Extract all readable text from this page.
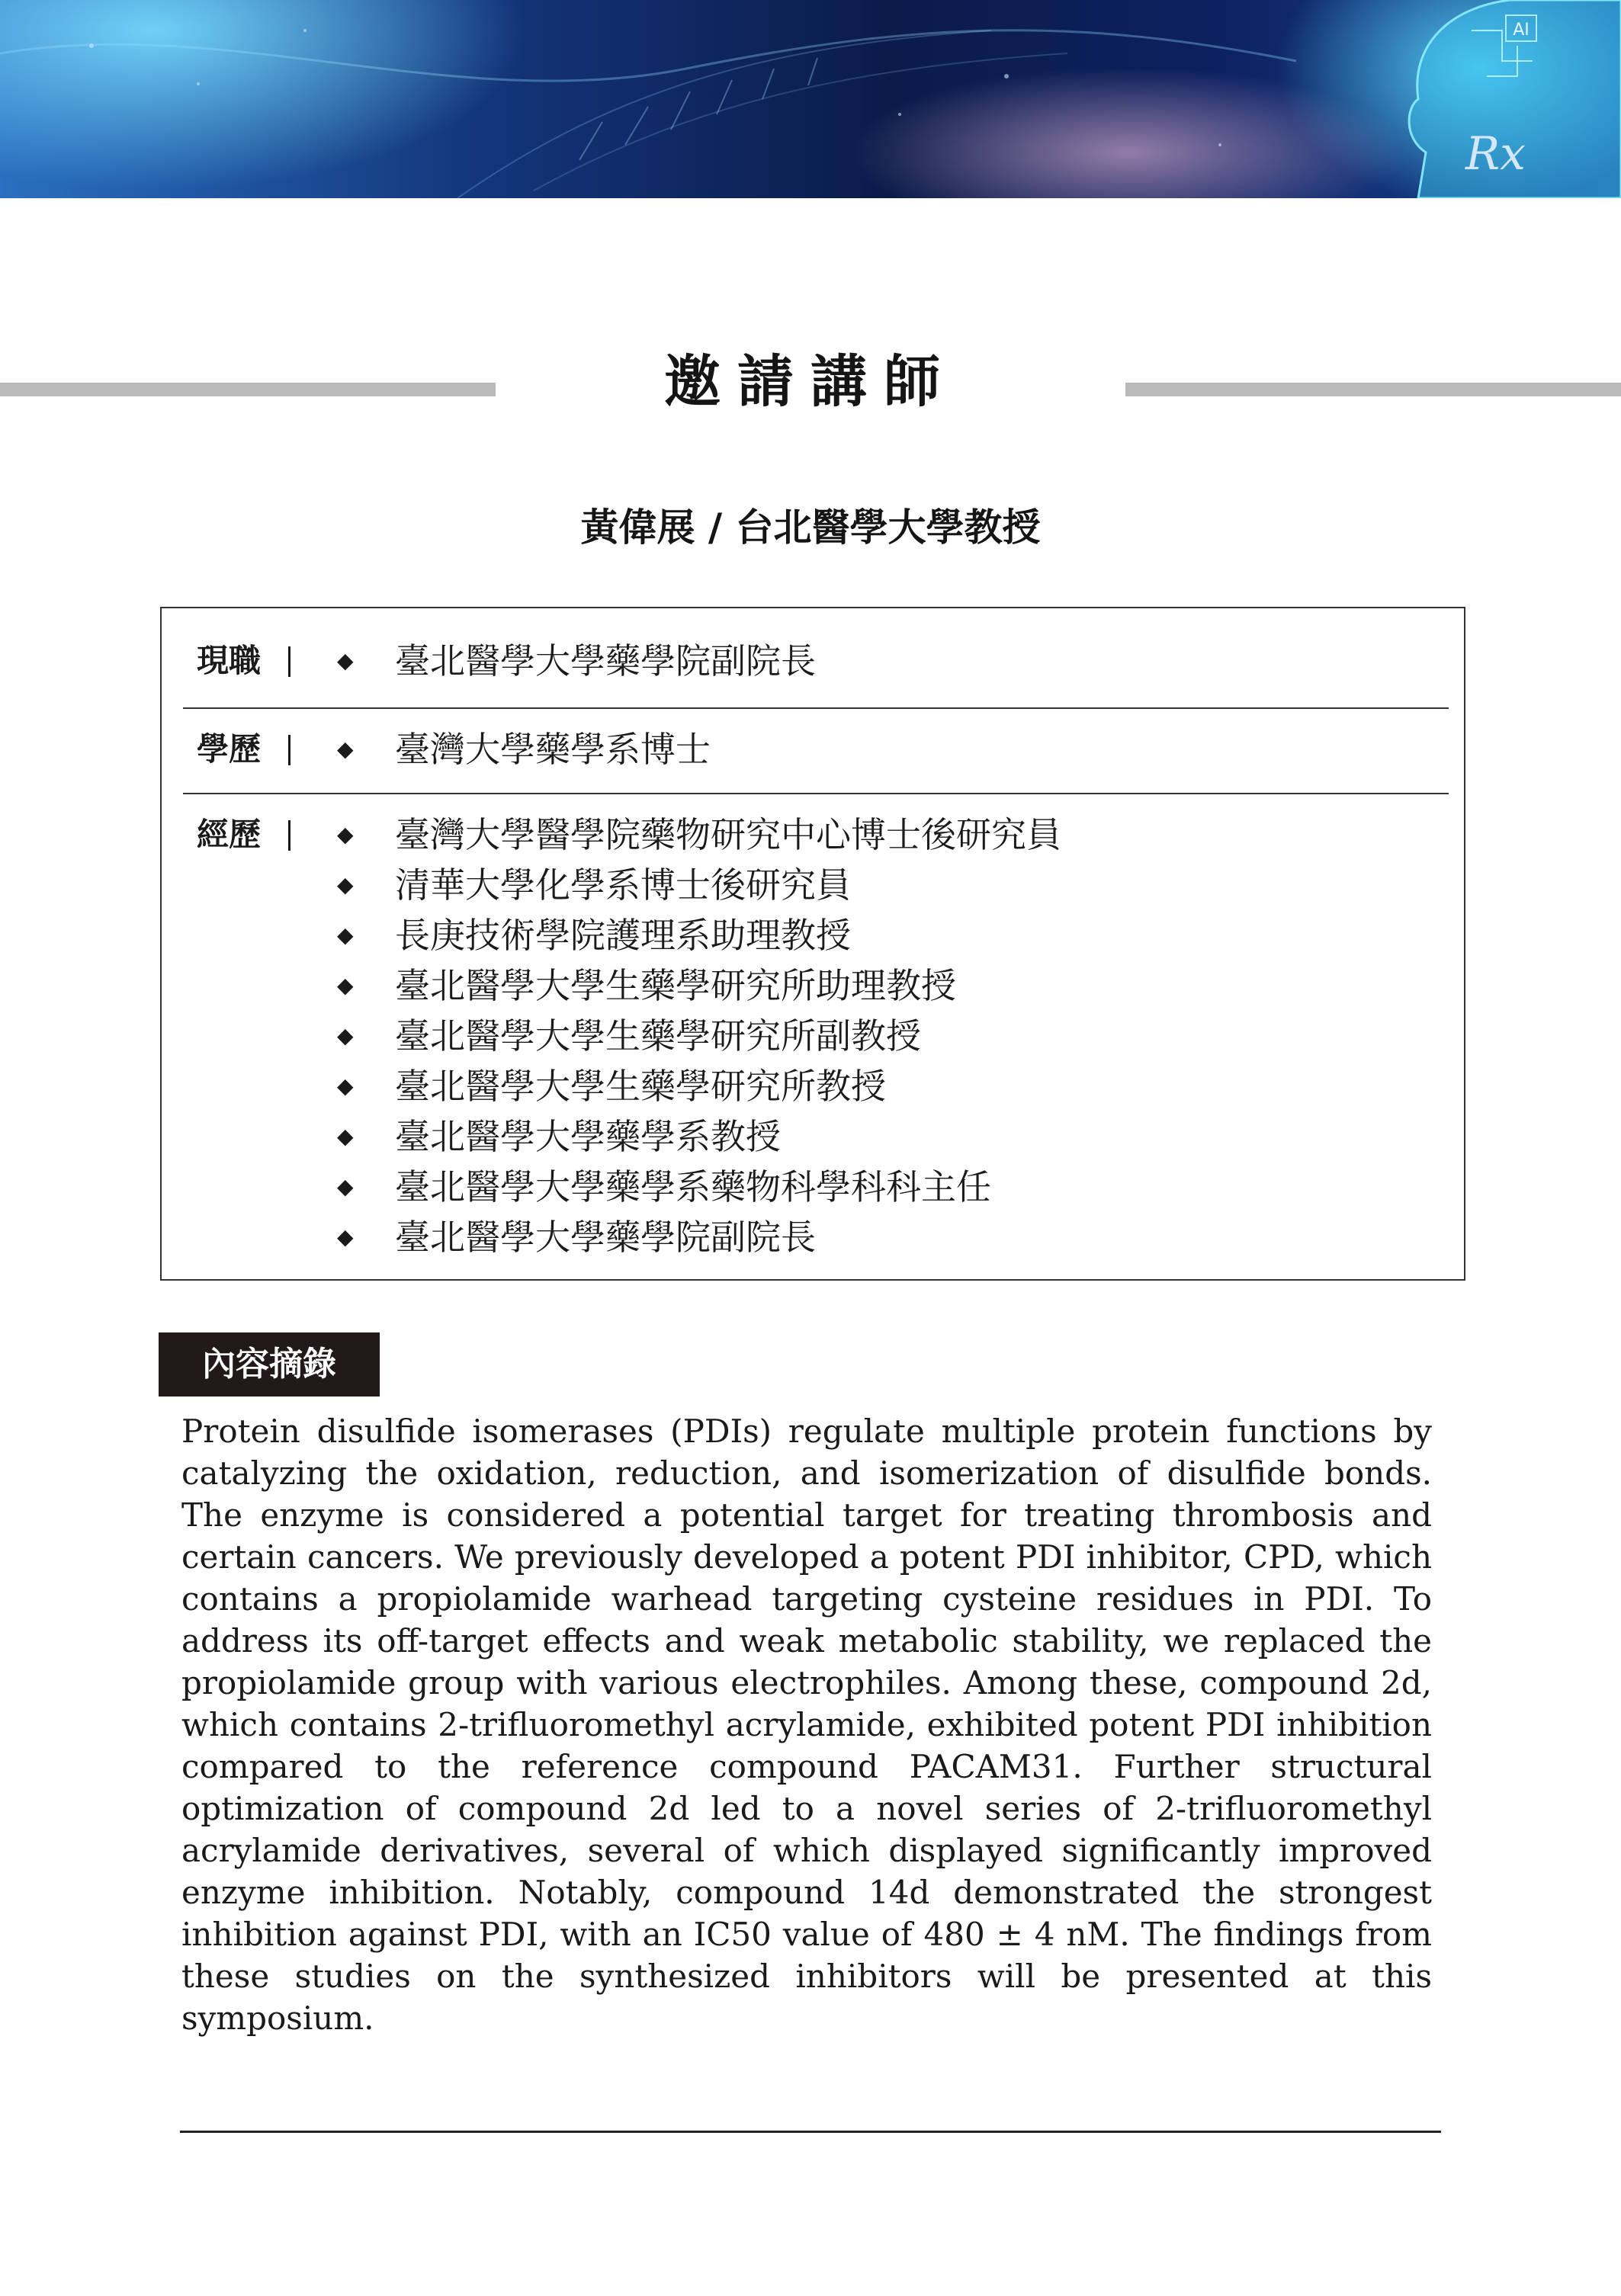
AI
Rx
邀請講師
黃偉展 / 台北醫學大學教授
現職	◆ 臺北醫學大學藥學院副院長
學歷	◆ 臺灣大學藥學系博士
經歷	◆ 臺灣大學醫學院藥物研究中心博士後研究員
◆ 清華大學化學系博士後研究員
◆ 長庚技術學院護理系助理教授
◆ 臺北醫學大學生藥學研究所助理教授
◆ 臺北醫學大學生藥學研究所副教授
◆ 臺北醫學大學生藥學研究所教授
◆ 臺北醫學大學藥學系教授
◆ 臺北醫學大學藥學系藥物科學科科主任
◆ 臺北醫學大學藥學院副院長
內容摘錄

Protein disulfide isomerases (PDIs) regulate multiple protein functions by catalyzing the oxidation, reduction, and isomerization of disulfide bonds. The enzyme is considered a potential target for treating thrombosis and certain cancers. We previously developed a potent PDI inhibitor, CPD, which contains a propiolamide warhead targeting cysteine residues in PDI. To address its off-target effects and weak metabolic stability, we replaced the propiolamide group with various electrophiles. Among these, compound 2d, which contains 2-trifluoromethyl acrylamide, exhibited potent PDI inhibition compared to the reference compound PACAM31. Further structural optimization of compound 2d led to a novel series of 2-trifluoromethyl acrylamide derivatives, several of which displayed significantly improved enzyme inhibition. Notably, compound 14d demonstrated the strongest inhibition against PDI, with an IC50 value of 480 ± 4 nM. The findings from these studies on the synthesized inhibitors will be presented at this symposium.
